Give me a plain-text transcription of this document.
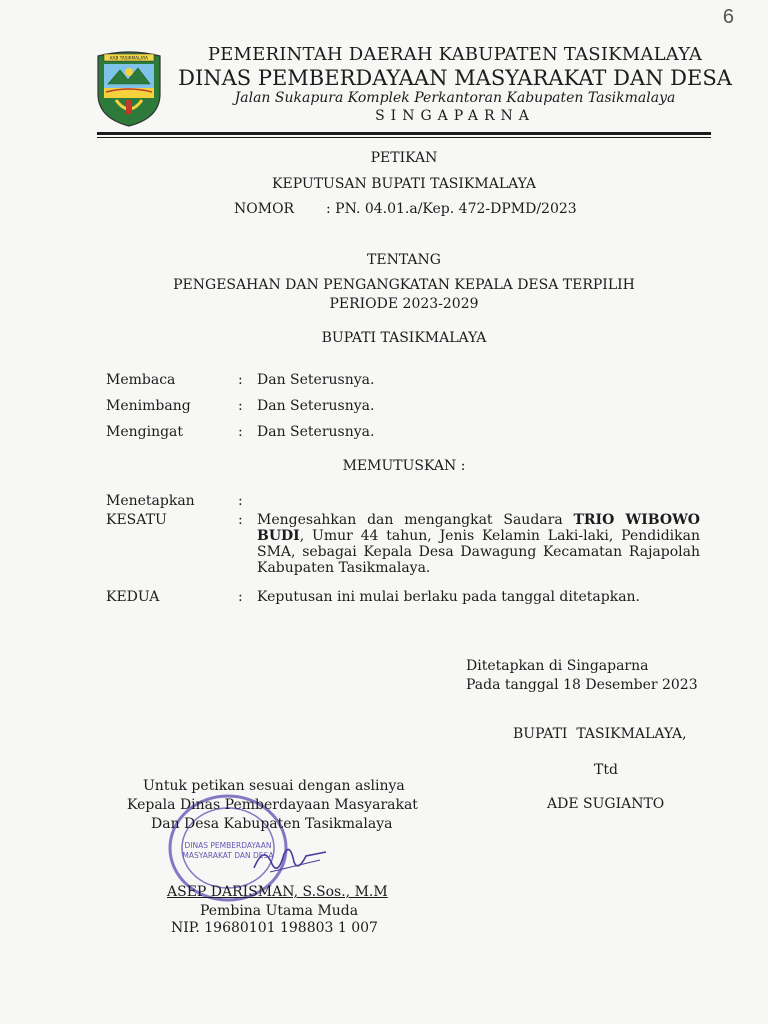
6
KAB TASIKMALAYA	PEMERINTAH DAERAH KABUPATEN TASIKMALAYA
DINAS PEMBERDAYAAN MASYARAKAT DAN DESA
Jalan Sukapura Komplek Perkantoran Kabupaten Tasikmalaya
SINGAPARNA
PETIKAN
KEPUTUSAN BUPATI TASIKMALAYA
NOMOR : PN. 04.01.a/Kep. 472-DPMD/2023
TENTANG
PENGESAHAN DAN PENGANGKATAN KEPALA DESA TERPILIH
PERIODE 2023-2029
BUPATI TASIKMALAYA
Membaca	: Dan Seterusnya.
Menimbang	: Dan Seterusnya.
Mengingat	: Dan Seterusnya.
MEMUTUSKAN :
Menetapkan	:
KESATU	: Mengesahkan dan mengangkat Saudara TRIO WIBOWO BUDI, Umur 44 tahun, Jenis Kelamin Laki-laki, Pendidikan SMA, sebagai Kepala Desa Dawagung Kecamatan Rajapolah Kabupaten Tasikmalaya.
KEDUA	: Keputusan ini mulai berlaku pada tanggal ditetapkan.
Ditetapkan di Singaparna
Pada tanggal 18 Desember 2023
BUPATI  TASIKMALAYA,
Ttd
ADE SUGIANTO
DINAS PEMBERDAYAAN
MASYARAKAT DAN DESA
Untuk petikan sesuai dengan aslinya
Kepala Dinas Pemberdayaan Masyarakat
Dan Desa Kabupaten Tasikmalaya
ASEP DARISMAN, S.Sos., M.M
Pembina Utama Muda
NIP. 19680101 198803 1 007
